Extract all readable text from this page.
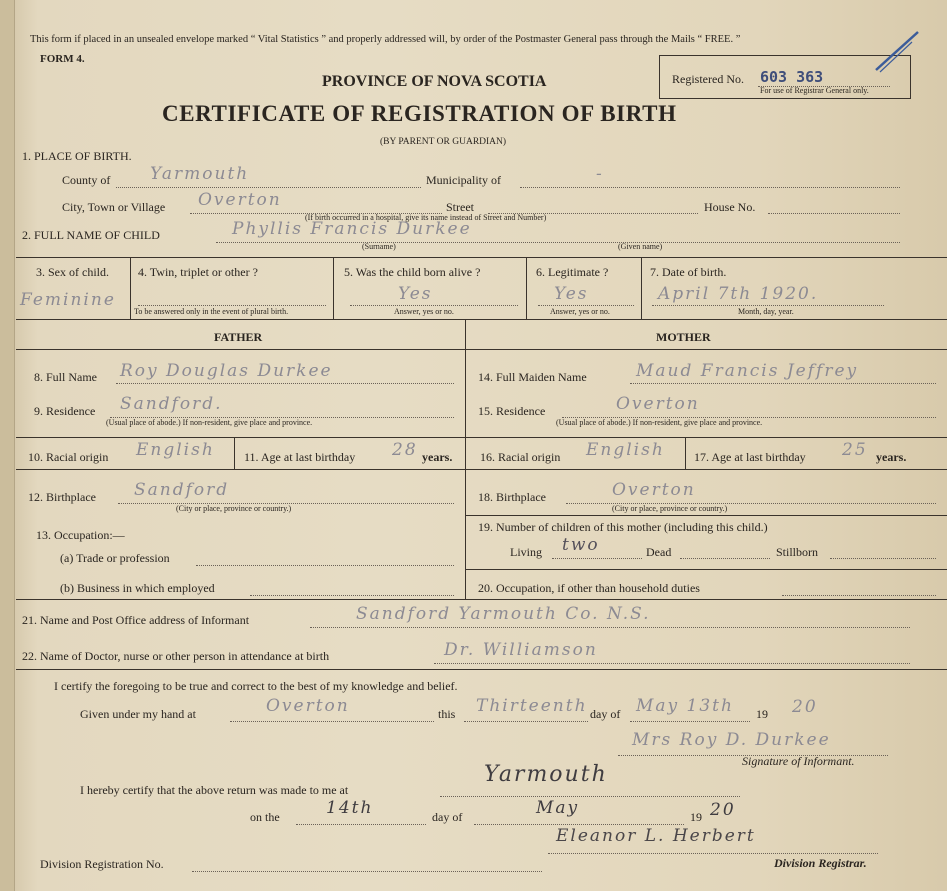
This form if placed in an unsealed envelope marked “ Vital Statistics ” and properly addressed will, by order of the Postmaster General pass through the Mails “ FREE. ”
FORM 4.
PROVINCE OF NOVA SCOTIA
CERTIFICATE OF REGISTRATION OF BIRTH
(BY PARENT OR GUARDIAN)
Registered No. 603 363
For use of Registrar General only.
1. PLACE OF BIRTH.
County of Yarmouth	Municipality of	-
City, Town or Village Overton	Street	House No.
(If birth occurred in a hospital, give its name instead of Street and Number)
2. FULL NAME OF CHILD	Phyllis Francis Durkee
(Surname)	(Given name)
3. Sex of child.
Feminine
4. Twin, triplet or other ?
To be answered only in the event of plural birth.
5. Was the child born alive ?
Yes
Answer, yes or no.
6. Legitimate ?
Yes
Answer, yes or no.
7. Date of birth.
April 7th 1920.
Month, day, year.
FATHER	MOTHER
8. Full Name Roy Douglas Durkee
9. Residence Sandford.
(Usual place of abode.) If non-resident, give place and province.
10. Racial origin English 11. Age at last birthday 28 years. 16. Racial origin English 17. Age at last birthday 25 years.
12. Birthplace Sandford
(City or place, province or country.)
13. Occupation:—
(a) Trade or profession
(b) Business in which employed
14. Full Maiden Name	Maud Francis Jeffrey
15. Residence	Overton
(Usual place of abode.) If non-resident, give place and province.
18. Birthplace	Overton
(City or place, province or country.)
19. Number of children of this mother (including this child.)
Living two	Dead	Stillborn
20. Occupation, if other than household duties
21. Name and Post Office address of Informant	Sandford Yarmouth Co. N.S.
22. Name of Doctor, nurse or other person in attendance at birth	Dr. Williamson
I certify the foregoing to be true and correct to the best of my knowledge and belief.
Given under my hand at	Overton	this Thirteenth day of May 13th 19 20
Mrs Roy D. Durkee
Signature of Informant.
I hereby certify that the above return was made to me at
Yarmouth
on the	14th	day of	May	19 20
Eleanor L. Herbert
Division Registration No.	Division Registrar.
